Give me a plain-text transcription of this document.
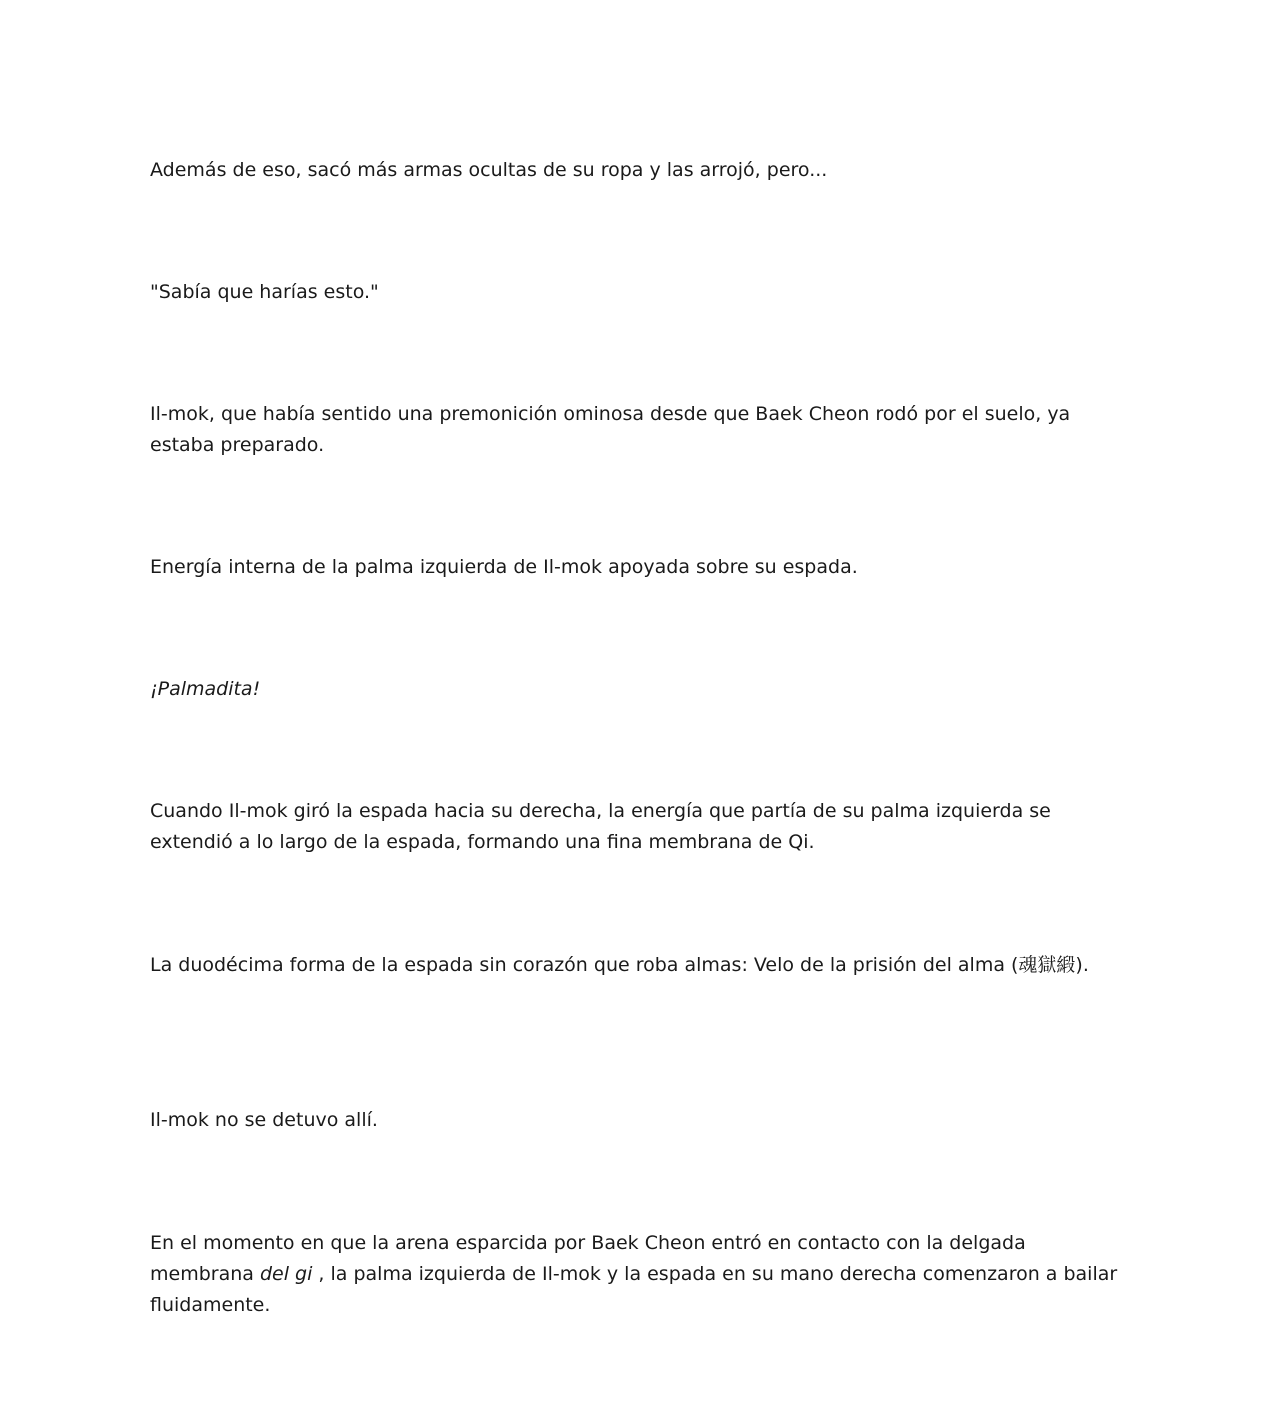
Además de eso, sacó más armas ocultas de su ropa y las arrojó, pero...

"Sabía que harías esto."

Il-mok, que había sentido una premonición ominosa desde que Baek Cheon rodó por el suelo, ya estaba preparado.

Energía interna de la palma izquierda de Il-mok apoyada sobre su espada.

¡Palmadita!

Cuando Il-mok giró la espada hacia su derecha, la energía que partía de su palma izquierda se extendió a lo largo de la espada, formando una fina membrana de Qi.

La duodécima forma de la espada sin corazón que roba almas: Velo de la prisión del alma (魂獄緞).

Il-mok no se detuvo allí.

En el momento en que la arena esparcida por Baek Cheon entró en contacto con la delgada membrana del gi , la palma izquierda de Il-mok y la espada en su mano derecha comenzaron a bailar fluidamente.
